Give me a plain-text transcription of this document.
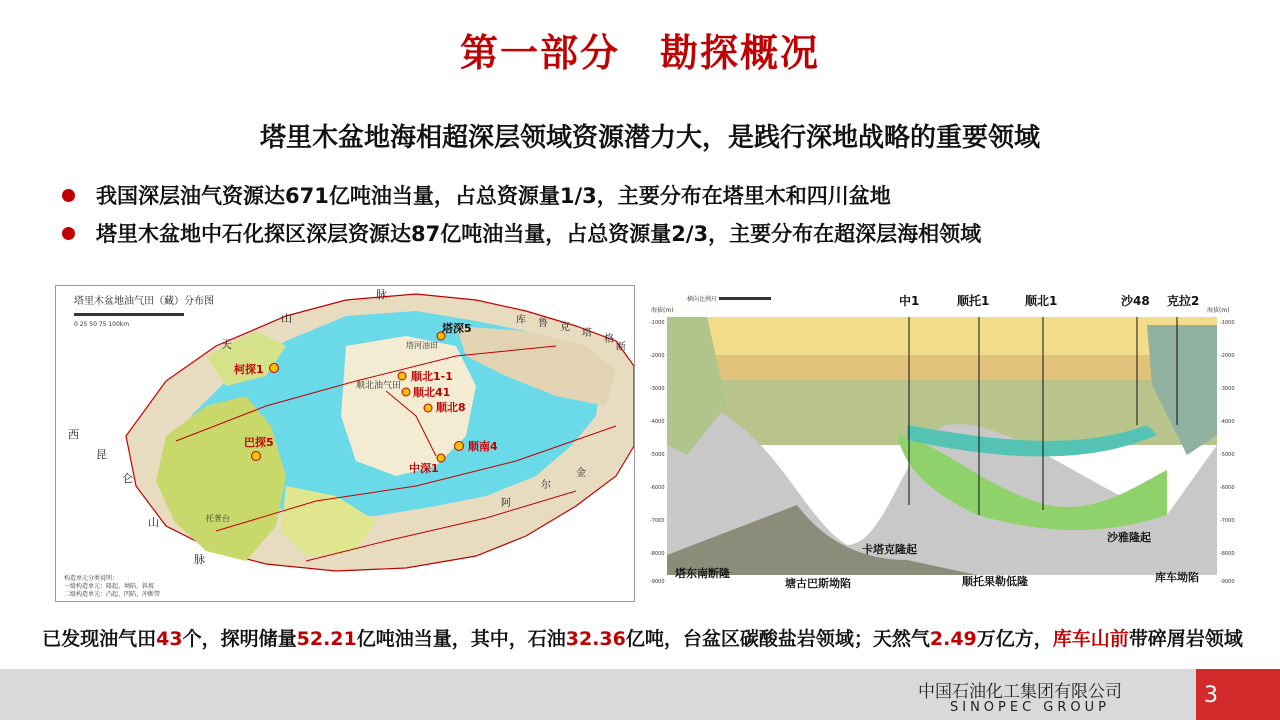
第一部分　勘探概况
塔里木盆地海相超深层领域资源潜力大，是践行深地战略的重要领域
我国深层油气资源达671亿吨油当量，占总资源量1/3，主要分布在塔里木和四川盆地
塔里木盆地中石化探区深层资源达87亿吨油当量，占总资源量2/3，主要分布在超深层海相领域
塔里木盆地油气田（藏）分布图
0 25 50 75 100km
天
山
脉
西
昆
仑
山
脉
库 鲁 克
塔
格
断
阿
尔
金
柯探1
巴探5
顺北1-1
顺北41
顺北8
顺南4
中深1
塔深5
顺北油气田
塔河油田
托普台
构造单元分类说明：
一级构造单元：隆起、坳陷、斜坡
二级构造单元：凸起、凹陷、冲断带
海拔(m)
横向比例尺
海拔(m)
中1	顺托1	顺北1	沙48 克拉2
塔东南断隆
塘古巴斯坳陷
卡塔克隆起
顺托果勒低隆
沙雅隆起
库车坳陷
-1000
-2000
-3000
-4000
-5000
-6000
-7000
-8000
-9000
-1000
-2000
-3000
-4000
-5000
-6000
-7000
-8000
-9000
已发现油气田43个，探明储量52.21亿吨油当量，其中，石油32.36亿吨，台盆区碳酸盐岩领域；天然气2.49万亿方，库车山前带碎屑岩领域
中国石油化工集团有限公司
SINOPEC GROUP	3
